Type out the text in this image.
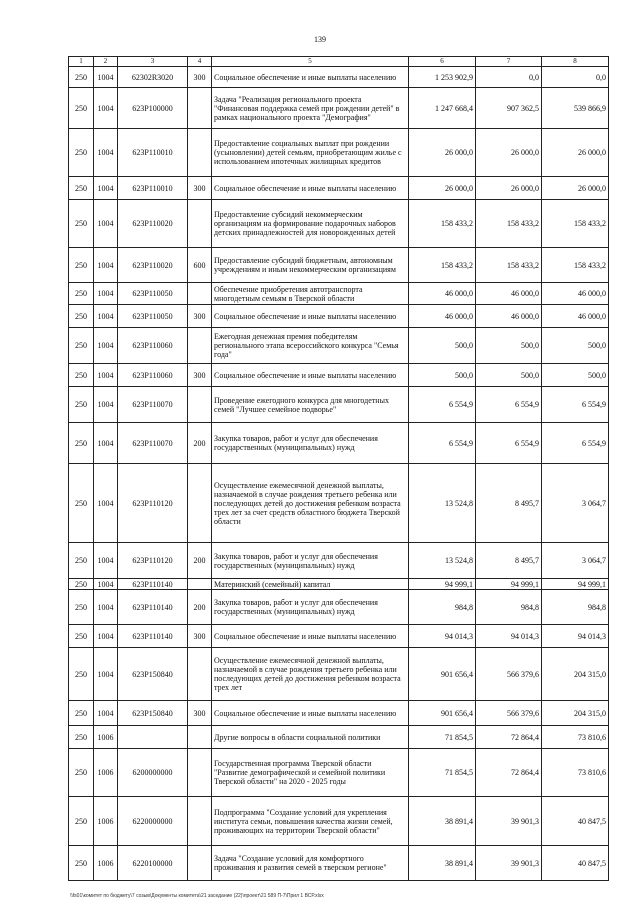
139
1	2	3	4	5	6	7	8
250	1004	62302R3020	300	Социальное обеспечение и иные выплаты населению	1 253 902,9	0,0	0,0
250	1004	623P100000		Задача "Реализация регионального проекта "Финансовая поддержка семей при рождении детей" в рамках национального проекта "Демография"	1 247 668,4	907 362,5	539 866,9
250	1004	623P110010		Предоставление социальных выплат при рождении (усыновлении) детей семьям, приобретающим жилье с использованием ипотечных жилищных кредитов	26 000,0	26 000,0	26 000,0
250	1004	623P110010	300	Социальное обеспечение и иные выплаты населению	26 000,0	26 000,0	26 000,0
250	1004	623P110020		Предоставление субсидий некоммерческим организациям на формирование подарочных наборов детских принадлежностей для новорожденных детей	158 433,2	158 433,2	158 433,2
250	1004	623P110020	600	Предоставление субсидий бюджетным, автономным учреждениям и иным некоммерческим организациям	158 433,2	158 433,2	158 433,2
250	1004	623P110050		Обеспечение приобретения автотранспорта многодетным семьям в Тверской области	46 000,0	46 000,0	46 000,0
250	1004	623P110050	300	Социальное обеспечение и иные выплаты населению	46 000,0	46 000,0	46 000,0
250	1004	623P110060		Ежегодная денежная премия победителям регионального этапа всероссийского конкурса "Семья года"	500,0	500,0	500,0
250	1004	623P110060	300	Социальное обеспечение и иные выплаты населению	500,0	500,0	500,0
250	1004	623P110070		Проведение ежегодного конкурса для многодетных семей "Лучшее семейное подворье"	6 554,9	6 554,9	6 554,9
250	1004	623P110070	200	Закупка товаров, работ и услуг для обеспечения государственных (муниципальных) нужд	6 554,9	6 554,9	6 554,9
250	1004	623P110120		Осуществление ежемесячной денежной выплаты, назначаемой в случае рождения третьего ребенка или последующих детей до достижения ребенком возраста трех лет за счет средств областного бюджета Тверской области	13 524,8	8 495,7	3 064,7
250	1004	623P110120	200	Закупка товаров, работ и услуг для обеспечения государственных (муниципальных) нужд	13 524,8	8 495,7	3 064,7
250	1004	623P110140		Материнский (семейный) капитал	94 999,1	94 999,1	94 999,1
250	1004	623P110140	200	Закупка товаров, работ и услуг для обеспечения государственных (муниципальных) нужд	984,8	984,8	984,8
250	1004	623P110140	300	Социальное обеспечение и иные выплаты населению	94 014,3	94 014,3	94 014,3
250	1004	623P150840		Осуществление ежемесячной денежной выплаты, назначаемой в случае рождения третьего ребенка или последующих детей до достижения ребенком возраста трех лет	901 656,4	566 379,6	204 315,0
250	1004	623P150840	300	Социальное обеспечение и иные выплаты населению	901 656,4	566 379,6	204 315,0
250	1006			Другие вопросы в области социальной политики	71 854,5	72 864,4	73 810,6
250	1006	6200000000		Государственная программа Тверской области "Развитие демографической и семейной политики Тверской области" на 2020 - 2025 годы	71 854,5	72 864,4	73 810,6
250	1006	6220000000		Подпрограмма "Создание условий для укрепления института семьи, повышения качества жизни семей, проживающих на территории Тверской области"	38 891,4	39 901,3	40 847,5
250	1006	6220100000		Задача "Создание условий для комфортного проживания и развития семей в тверском регионе"	38 891,4	39 901,3	40 847,5
\\fs01\комитет по бюджету\7 созыв\Документы комитета\21 заседание (22)\проект\21 589 П-7\Прил 1 ВСР.xlsx
